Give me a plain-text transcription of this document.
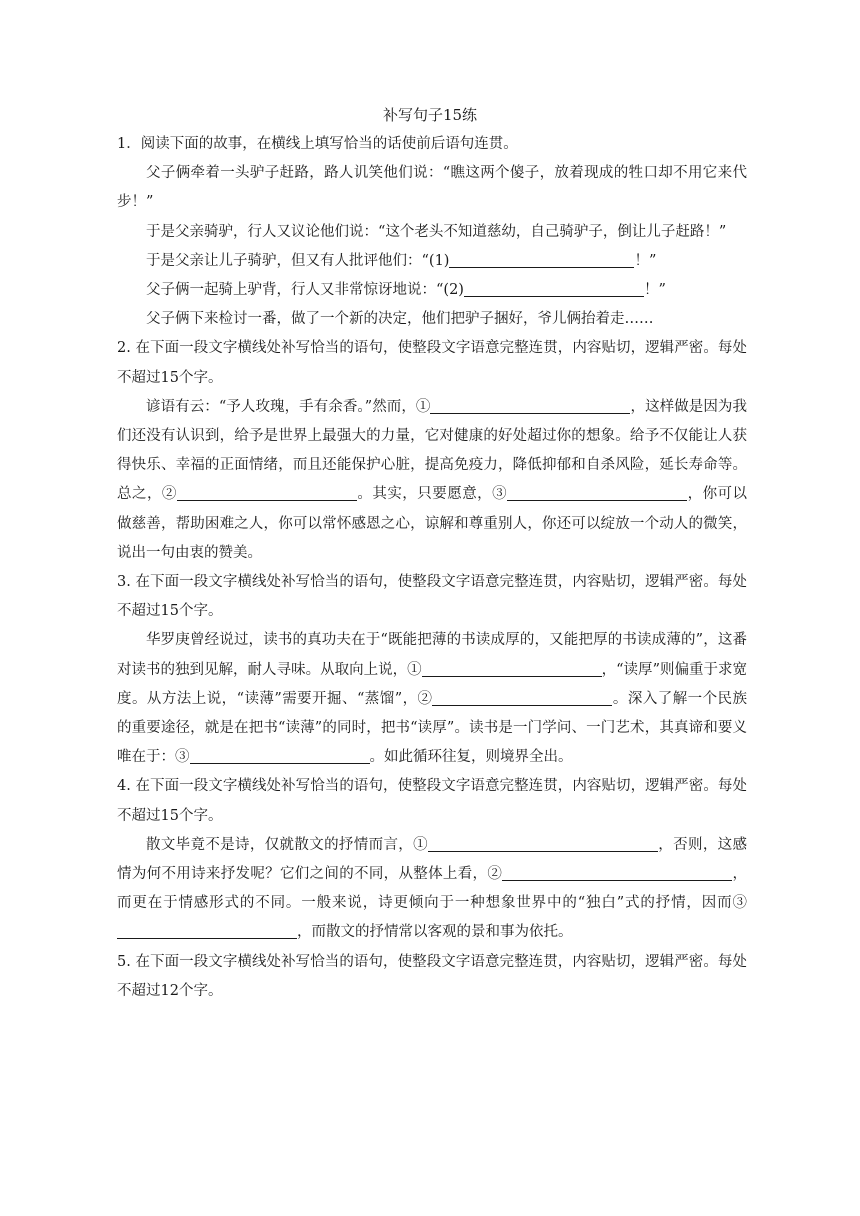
补写句子15练

1．阅读下面的故事，在横线上填写恰当的话使前后语句连贯。

父子俩牵着一头驴子赶路，路人讥笑他们说：“瞧这两个傻子，放着现成的牲口却不用它来代步！”

于是父亲骑驴，行人又议论他们说：“这个老头不知道慈幼，自己骑驴子，倒让儿子赶路！”

于是父亲让儿子骑驴，但又有人批评他们：“(1)	！”

父子俩一起骑上驴背，行人又非常惊讶地说：“(2)	！”

父子俩下来检讨一番，做了一个新的决定，他们把驴子捆好，爷儿俩抬着走……

2. 在下面一段文字横线处补写恰当的语句，使整段文字语意完整连贯，内容贴切，逻辑严密。每处不超过15个字。

谚语有云：“予人玫瑰，手有余香。”然而，①	，这样做是因为我们还没有认识到，给予是世界上最强大的力量，它对健康的好处超过你的想象。给予不仅能让人获得快乐、幸福的正面情绪，而且还能保护心脏，提高免疫力，降低抑郁和自杀风险，延长寿命等。总之，②	。其实，只要愿意，③	，你可以做慈善，帮助困难之人，你可以常怀感恩之心，谅解和尊重别人，你还可以绽放一个动人的微笑，说出一句由衷的赞美。

3. 在下面一段文字横线处补写恰当的语句，使整段文字语意完整连贯，内容贴切，逻辑严密。每处不超过15个字。

华罗庚曾经说过，读书的真功夫在于“既能把薄的书读成厚的，又能把厚的书读成薄的”，这番对读书的独到见解，耐人寻味。从取向上说，①	，“读厚”则偏重于求宽度。从方法上说，“读薄”需要开掘、“蒸馏”，②	。深入了解一个民族的重要途径，就是在把书“读薄”的同时，把书“读厚”。读书是一门学问、一门艺术，其真谛和要义唯在于：③	。如此循环往复，则境界全出。

4. 在下面一段文字横线处补写恰当的语句，使整段文字语意完整连贯，内容贴切，逻辑严密。每处不超过15个字。

散文毕竟不是诗，仅就散文的抒情而言，①	，否则，这感情为何不用诗来抒发呢？它们之间的不同，从整体上看，②	，而更在于情感形式的不同。一般来说，诗更倾向于一种想象世界中的“独白”式的抒情，因而③，而散文的抒情常以客观的景和事为依托。

5. 在下面一段文字横线处补写恰当的语句，使整段文字语意完整连贯，内容贴切，逻辑严密。每处不超过12个字。
